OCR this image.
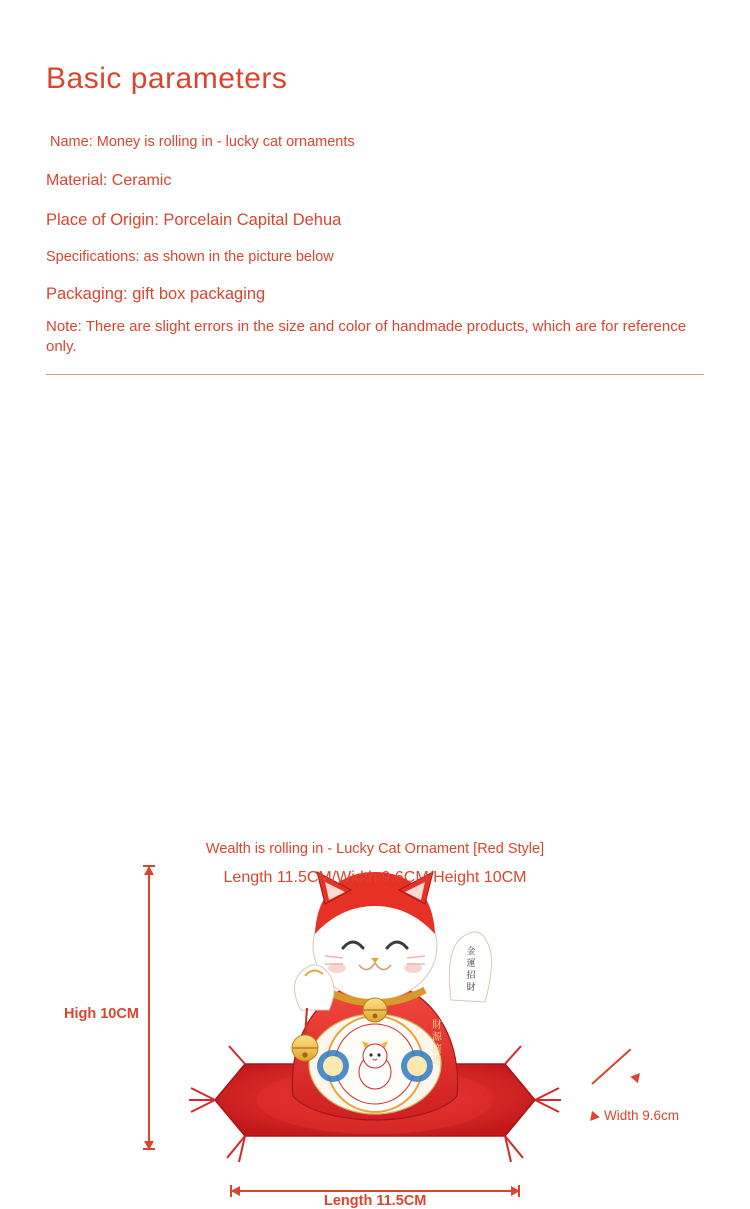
Basic parameters
Name: Money is rolling in - lucky cat ornaments
Material: Ceramic
Place of Origin: Porcelain Capital Dehua
Specifications: as shown in the picture below
Packaging: gift box packaging
Note: There are slight errors in the size and color of handmade products, which are for reference only.
金
運
招
財
財
源
廣
進
High 10CM
Length 11.5CM
Width 9.6cm
Wealth is rolling in - Lucky Cat Ornament [Red Style]
Length 11.5CM/Width 9.6CM/Height 10CM
